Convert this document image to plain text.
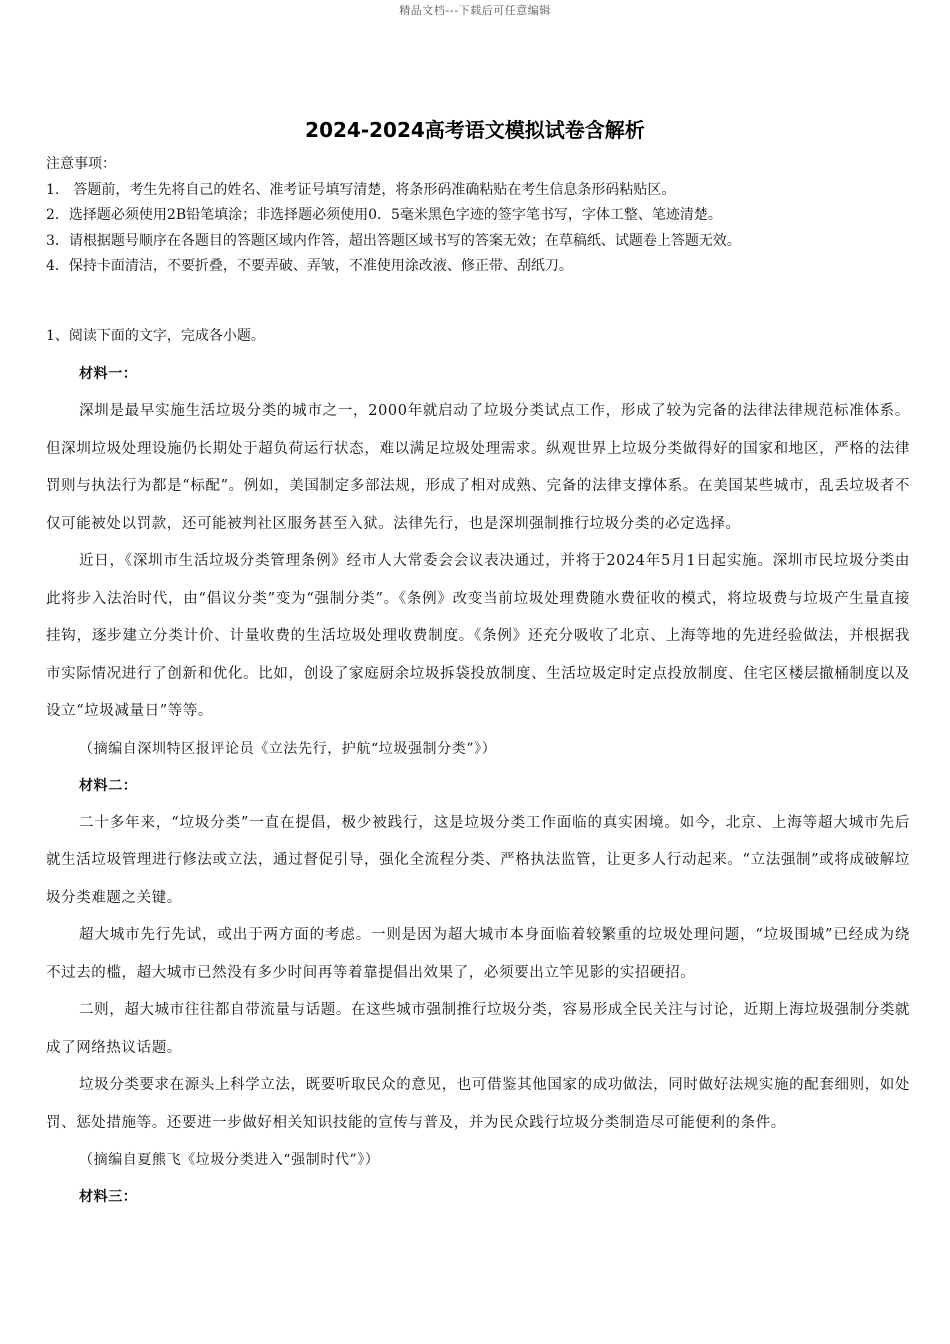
精品文档---下载后可任意编辑
2024-2024高考语文模拟试卷含解析
注意事项：
1.　答题前，考生先将自己的姓名、准考证号填写清楚，将条形码准确粘贴在考生信息条形码粘贴区。
2．选择题必须使用2B铅笔填涂；非选择题必须使用0．5毫米黑色字迹的签字笔书写，字体工整、笔迹清楚。
3．请根据题号顺序在各题目的答题区域内作答，超出答题区域书写的答案无效；在草稿纸、试题卷上答题无效。
4．保持卡面清洁，不要折叠，不要弄破、弄皱，不准使用涂改液、修正带、刮纸刀。
1、阅读下面的文字，完成各小题。
材料一：

深圳是最早实施生活垃圾分类的城市之一，2000年就启动了垃圾分类试点工作，形成了较为完备的法律法律规范标准体系。但深圳垃圾处理设施仍长期处于超负荷运行状态，难以满足垃圾处理需求。纵观世界上垃圾分类做得好的国家和地区，严格的法律罚则与执法行为都是“标配”。例如，美国制定多部法规，形成了相对成熟、完备的法律支撑体系。在美国某些城市，乱丢垃圾者不仅可能被处以罚款，还可能被判社区服务甚至入狱。法律先行，也是深圳强制推行垃圾分类的必定选择。

近日，《深圳市生活垃圾分类管理条例》经市人大常委会会议表决通过，并将于2024年5月1日起实施。深圳市民垃圾分类由此将步入法治时代，由“倡议分类”变为“强制分类”。《条例》改变当前垃圾处理费随水费征收的模式，将垃圾费与垃圾产生量直接挂钩，逐步建立分类计价、计量收费的生活垃圾处理收费制度。《条例》还充分吸收了北京、上海等地的先进经验做法，并根据我市实际情况进行了创新和优化。比如，创设了家庭厨余垃圾拆袋投放制度、生活垃圾定时定点投放制度、住宅区楼层撤桶制度以及设立“垃圾减量日”等等。

（摘编自深圳特区报评论员《立法先行，护航“垃圾强制分类”》）
材料二：

二十多年来，“垃圾分类”一直在提倡，极少被践行，这是垃圾分类工作面临的真实困境。如今，北京、上海等超大城市先后就生活垃圾管理进行修法或立法，通过督促引导，强化全流程分类、严格执法监管，让更多人行动起来。“立法强制”或将成破解垃圾分类难题之关键。

超大城市先行先试，或出于两方面的考虑。一则是因为超大城市本身面临着较繁重的垃圾处理问题，“垃圾围城”已经成为绕不过去的槛，超大城市已然没有多少时间再等着靠提倡出效果了，必须要出立竿见影的实招硬招。

二则，超大城市往往都自带流量与话题。在这些城市强制推行垃圾分类，容易形成全民关注与讨论，近期上海垃圾强制分类就成了网络热议话题。

垃圾分类要求在源头上科学立法，既要听取民众的意见，也可借鉴其他国家的成功做法，同时做好法规实施的配套细则，如处罚、惩处措施等。还要进一步做好相关知识技能的宣传与普及，并为民众践行垃圾分类制造尽可能便利的条件。

（摘编自夏熊飞《垃圾分类进入“强制时代”》）
材料三：
